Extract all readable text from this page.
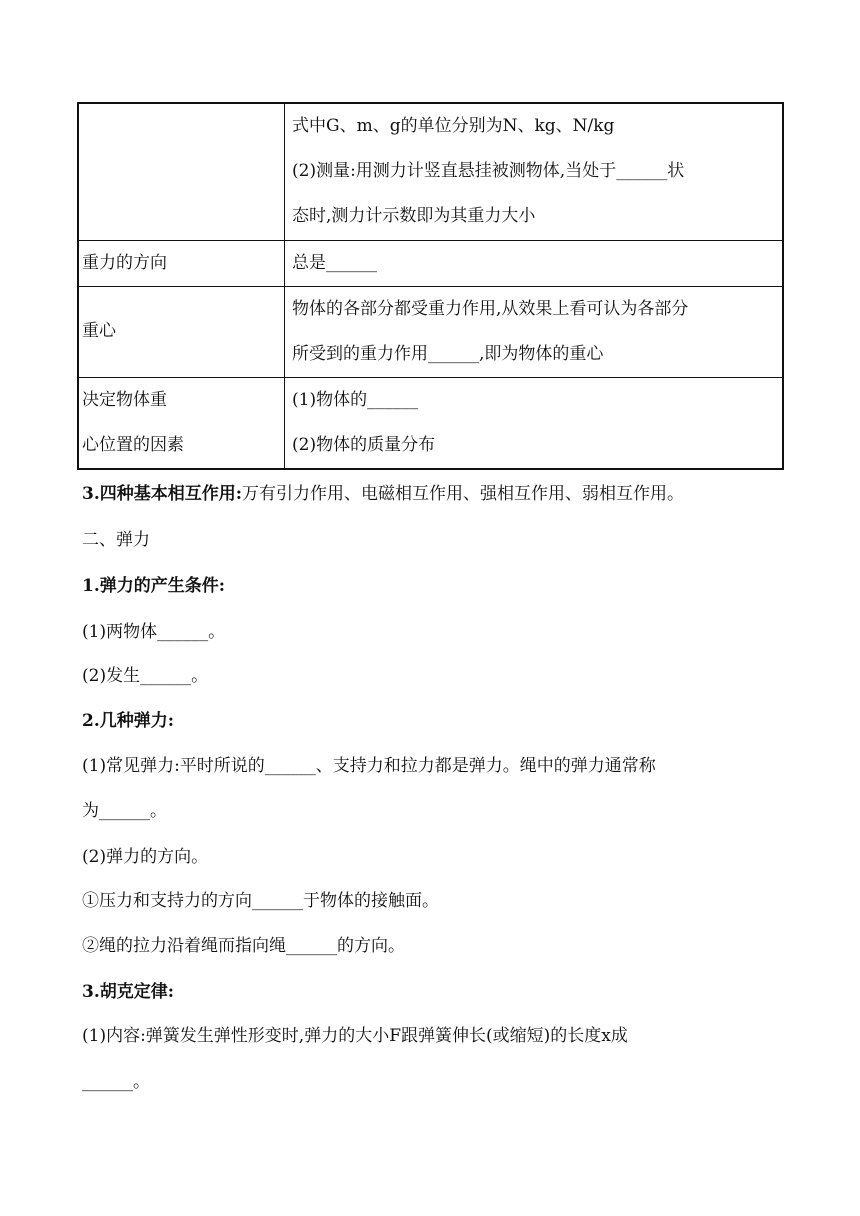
	式中G、m、g的单位分别为N、kg、N/kg
(2)测量:用测力计竖直悬挂被测物体,当处于______状
态时,测力计示数即为其重力大小

重力的方向	总是______

重心	物体的各部分都受重力作用,从效果上看可认为各部分
所受到的重力作用______,即为物体的重心

决定物体重
心位置的因素	(1)物体的______
(2)物体的质量分布
3.四种基本相互作用:万有引力作用、电磁相互作用、强相互作用、弱相互作用。
二、弹力
1.弹力的产生条件:
(1)两物体______。
(2)发生______。
2.几种弹力:
(1)常见弹力:平时所说的______、支持力和拉力都是弹力。绳中的弹力通常称
为______。
(2)弹力的方向。
①压力和支持力的方向______于物体的接触面。
②绳的拉力沿着绳而指向绳______的方向。
3.胡克定律:
(1)内容:弹簧发生弹性形变时,弹力的大小F跟弹簧伸长(或缩短)的长度x成
______。
